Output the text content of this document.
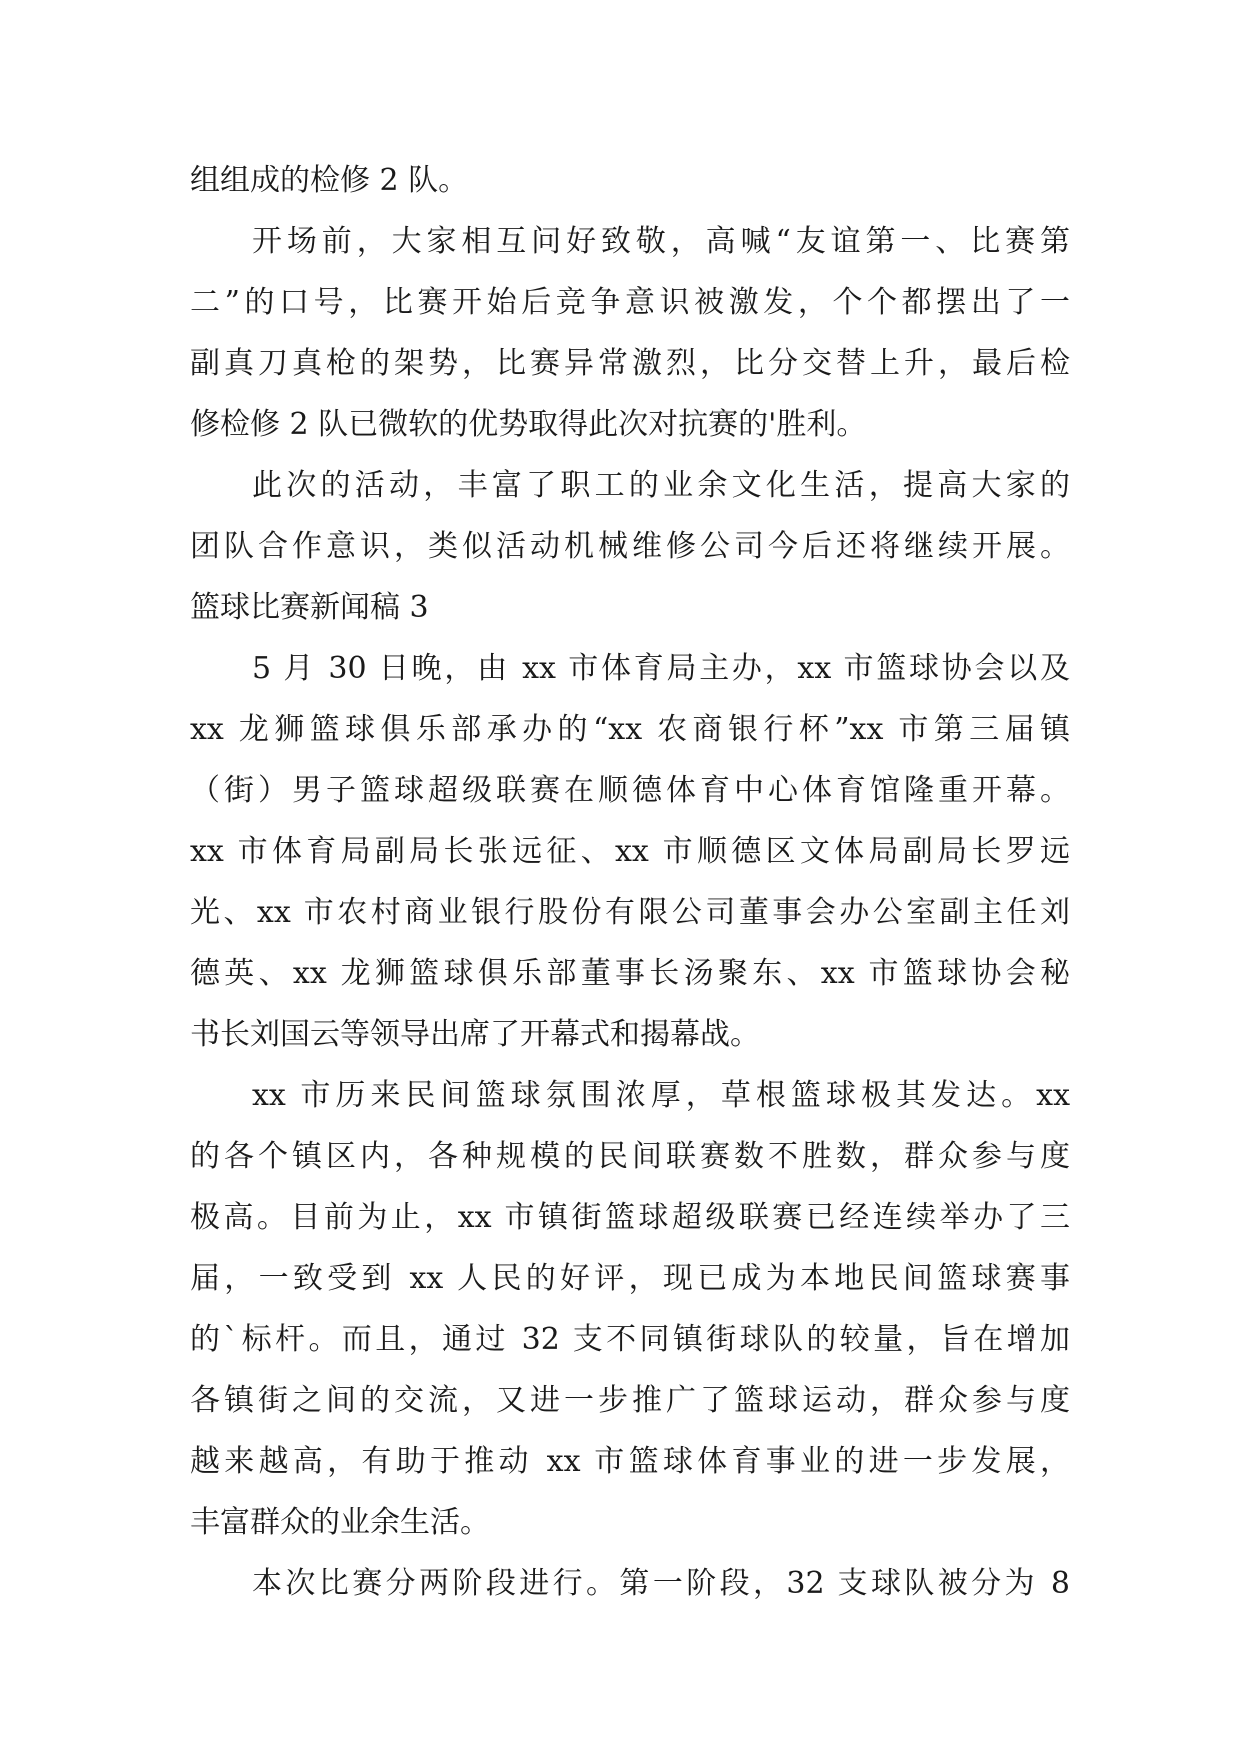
组组成的检修 2 队。
开场前，大家相互问好致敬，高喊“友谊第一、比赛第
二”的口号，比赛开始后竞争意识被激发，个个都摆出了一
副真刀真枪的架势，比赛异常激烈，比分交替上升，最后检
修检修 2 队已微软的优势取得此次对抗赛的'胜利。
此次的活动，丰富了职工的业余文化生活，提高大家的
团队合作意识，类似活动机械维修公司今后还将继续开展。
篮球比赛新闻稿 3
5 月 30 日晚，由 xx 市体育局主办，xx 市篮球协会以及
xx 龙狮篮球俱乐部承办的“xx 农商银行杯”xx 市第三届镇
（街）男子篮球超级联赛在顺德体育中心体育馆隆重开幕。
xx 市体育局副局长张远征、xx 市顺德区文体局副局长罗远
光、xx 市农村商业银行股份有限公司董事会办公室副主任刘
德英、xx 龙狮篮球俱乐部董事长汤聚东、xx 市篮球协会秘
书长刘国云等领导出席了开幕式和揭幕战。
xx 市历来民间篮球氛围浓厚，草根篮球极其发达。xx
的各个镇区内，各种规模的民间联赛数不胜数，群众参与度
极高。目前为止，xx 市镇街篮球超级联赛已经连续举办了三
届，一致受到 xx 人民的好评，现已成为本地民间篮球赛事
的`标杆。而且，通过 32 支不同镇街球队的较量，旨在增加
各镇街之间的交流，又进一步推广了篮球运动，群众参与度
越来越高，有助于推动 xx 市篮球体育事业的进一步发展，
丰富群众的业余生活。
本次比赛分两阶段进行。第一阶段，32 支球队被分为 8
